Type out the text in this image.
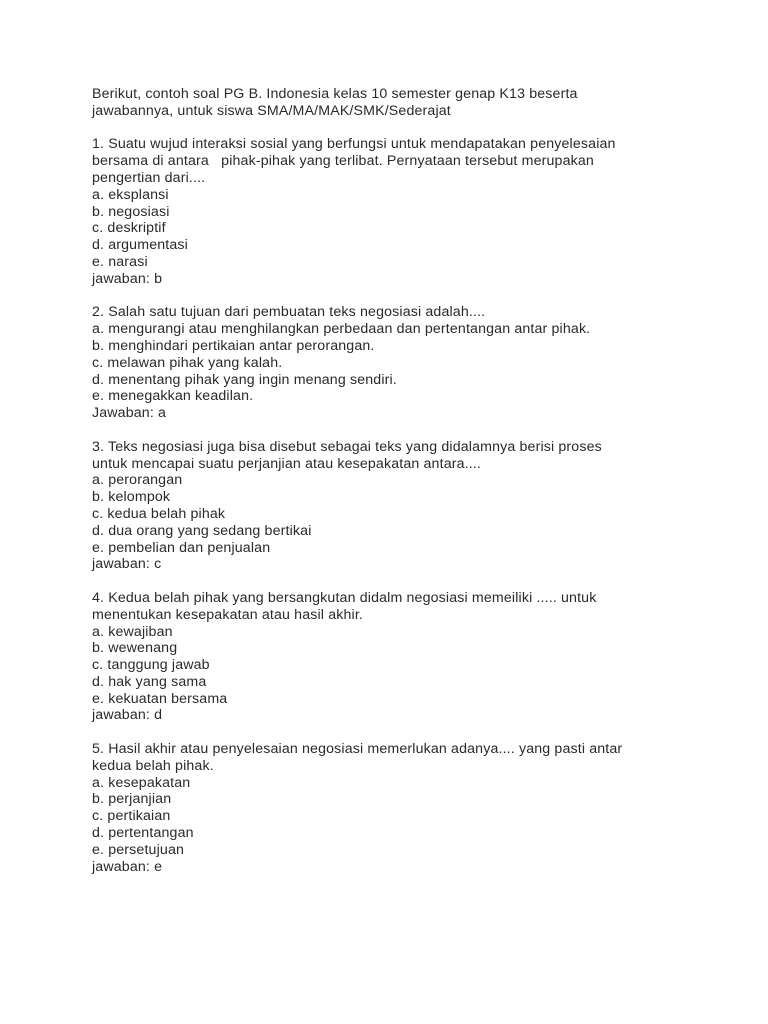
Berikut, contoh soal PG B. Indonesia kelas 10 semester genap K13 beserta
jawabannya, untuk siswa SMA/MA/MAK/SMK/Sederajat
1. Suatu wujud interaksi sosial yang berfungsi untuk mendapatakan penyelesaian
bersama di antara   pihak-pihak yang terlibat. Pernyataan tersebut merupakan
pengertian dari....
a. eksplansi
b. negosiasi
c. deskriptif
d. argumentasi
e. narasi
jawaban: b
2. Salah satu tujuan dari pembuatan teks negosiasi adalah....
a. mengurangi atau menghilangkan perbedaan dan pertentangan antar pihak.
b. menghindari pertikaian antar perorangan.
c. melawan pihak yang kalah.
d. menentang pihak yang ingin menang sendiri.
e. menegakkan keadilan.
Jawaban: a
3. Teks negosiasi juga bisa disebut sebagai teks yang didalamnya berisi proses
untuk mencapai suatu perjanjian atau kesepakatan antara....
a. perorangan
b. kelompok
c. kedua belah pihak
d. dua orang yang sedang bertikai
e. pembelian dan penjualan
jawaban: c
4. Kedua belah pihak yang bersangkutan didalm negosiasi memeiliki ..... untuk
menentukan kesepakatan atau hasil akhir.
a. kewajiban
b. wewenang
c. tanggung jawab
d. hak yang sama
e. kekuatan bersama
jawaban: d
5. Hasil akhir atau penyelesaian negosiasi memerlukan adanya.... yang pasti antar
kedua belah pihak.
a. kesepakatan
b. perjanjian
c. pertikaian
d. pertentangan
e. persetujuan
jawaban: e
